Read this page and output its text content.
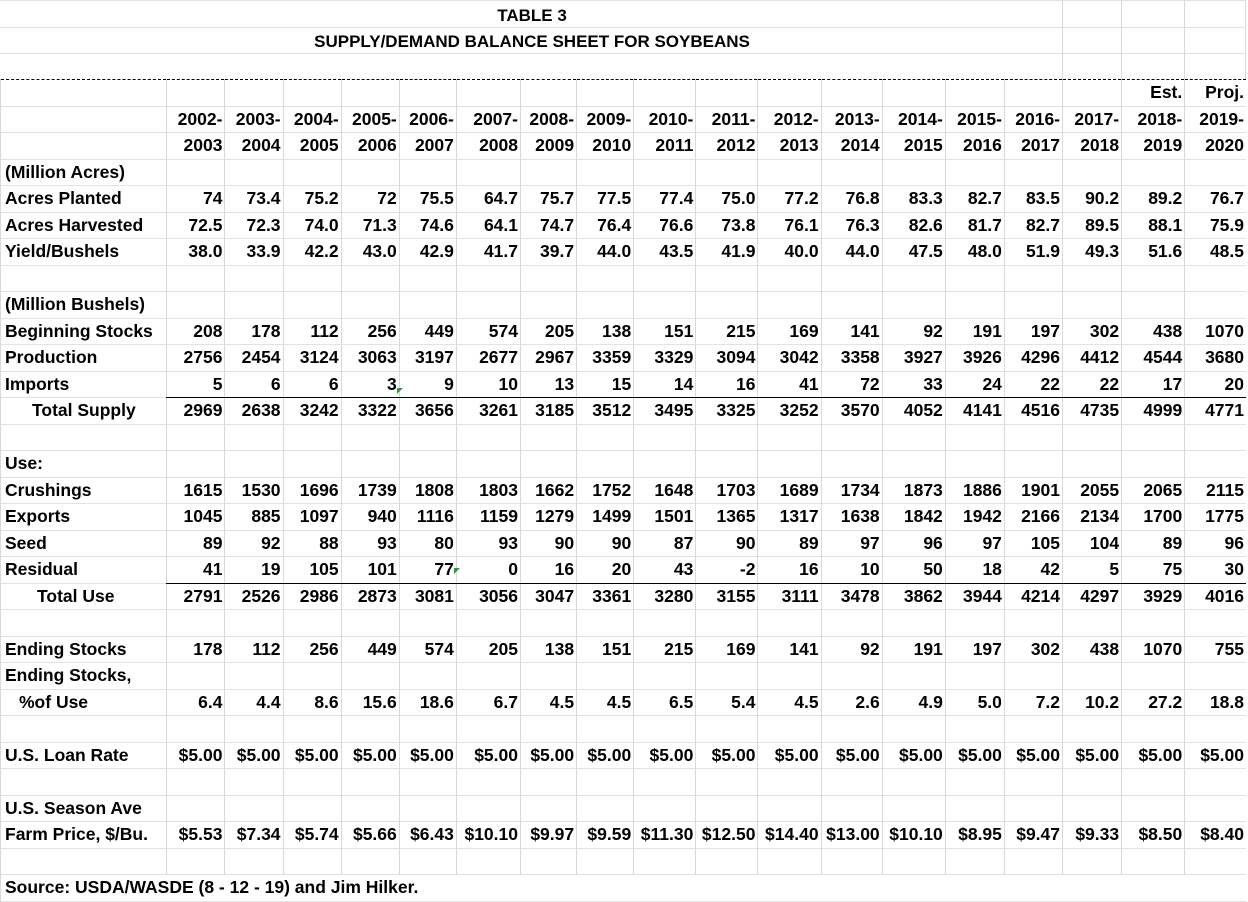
TABLE 3
SUPPLY/DEMAND BALANCE SHEET FOR SOYBEANS
																	Est.	Proj.
	2002-	2003-	2004-	2005-	2006-	2007-	2008-	2009-	2010-	2011-	2012-	2013-	2014-	2015-	2016-	2017-	2018-	2019-
	2003	2004	2005	2006	2007	2008	2009	2010	2011	2012	2013	2014	2015	2016	2017	2018	2019	2020
(Million Acres)																		
Acres Planted	74	73.4	75.2	72	75.5	64.7	75.7	77.5	77.4	75.0	77.2	76.8	83.3	82.7	83.5	90.2	89.2	76.7
Acres Harvested	72.5	72.3	74.0	71.3	74.6	64.1	74.7	76.4	76.6	73.8	76.1	76.3	82.6	81.7	82.7	89.5	88.1	75.9
Yield/Bushels	38.0	33.9	42.2	43.0	42.9	41.7	39.7	44.0	43.5	41.9	40.0	44.0	47.5	48.0	51.9	49.3	51.6	48.5

(Million Bushels)																		
Beginning Stocks	208	178	112	256	449	574	205	138	151	215	169	141	92	191	197	302	438	1070
Production	2756	2454	3124	3063	3197	2677	2967	3359	3329	3094	3042	3358	3927	3926	4296	4412	4544	3680
Imports	5	6	6	3	9	10	13	15	14	16	41	72	33	24	22	22	17	20
Total Supply	2969	2638	3242	3322	3656	3261	3185	3512	3495	3325	3252	3570	4052	4141	4516	4735	4999	4771

Use:																		
Crushings	1615	1530	1696	1739	1808	1803	1662	1752	1648	1703	1689	1734	1873	1886	1901	2055	2065	2115
Exports	1045	885	1097	940	1116	1159	1279	1499	1501	1365	1317	1638	1842	1942	2166	2134	1700	1775
Seed	89	92	88	93	80	93	90	90	87	90	89	97	96	97	105	104	89	96
Residual	41	19	105	101	77	0	16	20	43	-2	16	10	50	18	42	5	75	30
Total Use	2791	2526	2986	2873	3081	3056	3047	3361	3280	3155	3111	3478	3862	3944	4214	4297	3929	4016

Ending Stocks	178	112	256	449	574	205	138	151	215	169	141	92	191	197	302	438	1070	755
Ending Stocks,																		
%of Use	6.4	4.4	8.6	15.6	18.6	6.7	4.5	4.5	6.5	5.4	4.5	2.6	4.9	5.0	7.2	10.2	27.2	18.8

U.S. Loan Rate	$5.00	$5.00	$5.00	$5.00	$5.00	$5.00	$5.00	$5.00	$5.00	$5.00	$5.00	$5.00	$5.00	$5.00	$5.00	$5.00	$5.00	$5.00

U.S. Season Ave																		
Farm Price, $/Bu.	$5.53	$7.34	$5.74	$5.66	$6.43	$10.10	$9.97	$9.59	$11.30	$12.50	$14.40	$13.00	$10.10	$8.95	$9.47	$9.33	$8.50	$8.40

Source: USDA/WASDE (8 - 12 - 19) and Jim Hilker.																		
